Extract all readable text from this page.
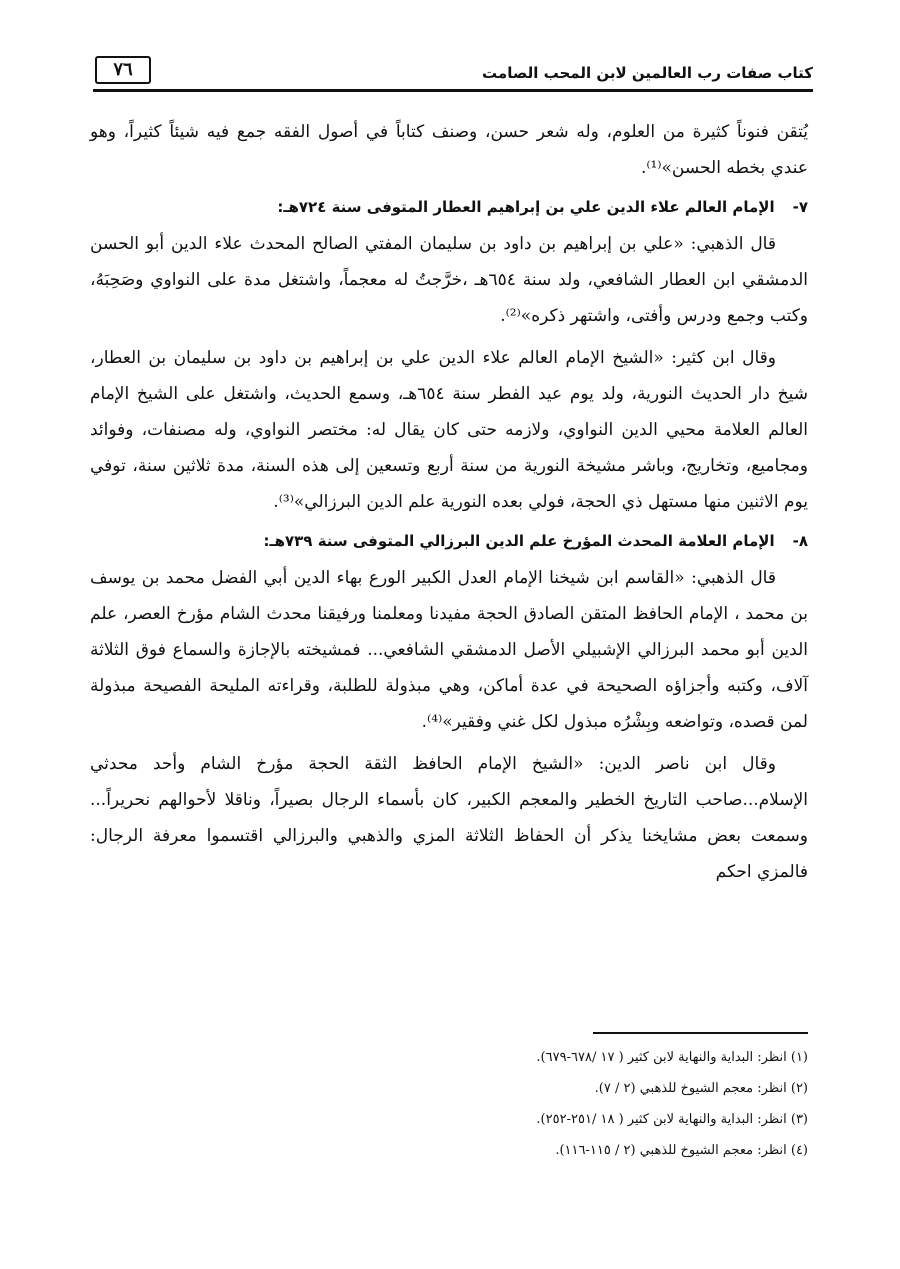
كتاب صفات رب العالمين لابن المحب الصامت
٧٦

يُتقن فنوناً كثيرة من العلوم، وله شعر حسن، وصنف كتاباً في أصول الفقه جمع فيه شيئاً كثيراً، وهو عندي بخطه الحسن»⁽¹⁾.

٧-الإمام العالم علاء الدين علي بن إبراهيم العطار المتوفى سنة ٧٢٤هـ:

قال الذهبي: «علي بن إبراهيم بن داود بن سليمان المفتي الصالح المحدث علاء الدين أبو الحسن الدمشقي ابن العطار الشافعي، ولد سنة ٦٥٤هـ ،خرَّجتُ له معجماً، واشتغل مدة على النواوي وصَحِبَهُ، وكتب وجمع ودرس وأفتى، واشتهر ذكره»⁽²⁾.

وقال ابن كثير: «الشيخ الإمام العالم علاء الدين علي بن إبراهيم بن داود بن سليمان بن العطار، شيخ دار الحديث النورية، ولد يوم عيد الفطر سنة ٦٥٤هـ، وسمع الحديث، واشتغل على الشيخ الإمام العالم العلامة محيي الدين النواوي، ولازمه حتى كان يقال له: مختصر النواوي، وله مصنفات، وفوائد ومجاميع، وتخاريج، وباشر مشيخة النورية من سنة أربع وتسعين إلى هذه السنة، مدة ثلاثين سنة، توفي يوم الاثنين منها مستهل ذي الحجة، فولي بعده النورية علم الدين البرزالي»⁽³⁾.

٨-الإمام العلامة المحدث المؤرخ علم الدين البرزالي المتوفى سنة ٧٣٩هـ:

قال الذهبي: «القاسم ابن شيخنا الإمام العدل الكبير الورع بهاء الدين أبي الفضل محمد بن يوسف بن محمد ، الإمام الحافظ المتقن الصادق الحجة مفيدنا ومعلمنا ورفيقنا محدث الشام مؤرخ العصر، علم الدين أبو محمد البرزالي الإشبيلي الأصل الدمشقي الشافعي... فمشيخته بالإجازة والسماع فوق الثلاثة آلاف، وكتبه وأجزاؤه الصحيحة في عدة أماكن، وهي مبذولة للطلبة، وقراءته المليحة الفصيحة مبذولة لمن قصده، وتواضعه وبِشْرُه مبذول لكل غني وفقير»⁽⁴⁾.

وقال ابن ناصر الدين: «الشيخ الإمام الحافظ الثقة الحجة مؤرخ الشام وأحد محدثي الإسلام...صاحب التاريخ الخطير والمعجم الكبير، كان بأسماء الرجال بصيراً، وناقلا لأحوالهم نحريراً... وسمعت بعض مشايخنا يذكر أن الحفاظ الثلاثة المزي والذهبي والبرزالي اقتسموا معرفة الرجال: فالمزي احكم

(١) انظر: البداية والنهاية لابن كثير ( ١٧ /٦٧٨-٦٧٩).

(٢) انظر: معجم الشيوخ للذهبي (٢ / ٧).

(٣) انظر: البداية والنهاية لابن كثير ( ١٨ /٢٥١-٢٥٢).

(٤) انظر: معجم الشيوخ للذهبي (٢ / ١١٥-١١٦).
